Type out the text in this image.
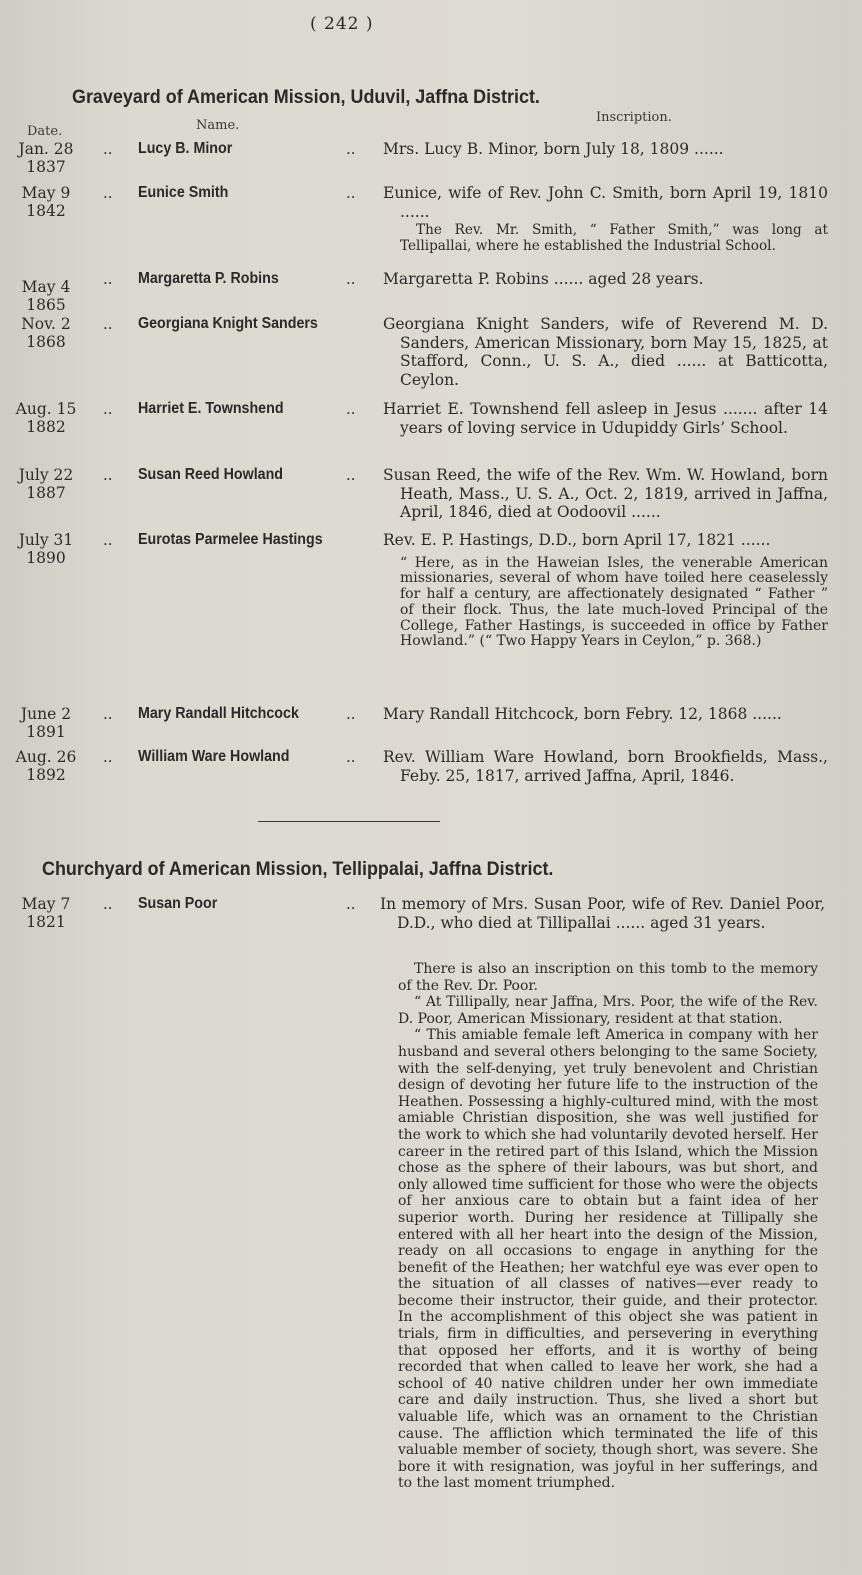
( 242 )
Graveyard of American Mission, Uduvil, Jaffna District.
Date.	Name.
Inscription.
Jan. 28
1837
.. Lucy B. Minor	.. Mrs. Lucy B. Minor, born July 18, 1809 ......
May 9
1842
.. Eunice Smith	.. Eunice, wife of Rev. John C. Smith, born April 19, 1810 ......
The Rev. Mr. Smith, “ Father Smith,” was long at Tellipallai, where he established the Industrial School.
May 4
1865
.. Margaretta P. Robins	.. Margaretta P. Robins ...... aged 28 years.
Nov. 2
1868
.. Georgiana Knight Sanders	Georgiana Knight Sanders, wife of Reverend M. D. Sanders, American Missionary, born May 15, 1825, at Stafford, Conn., U. S. A., died ...... at Batticotta, Ceylon.
Aug. 15
1882
.. Harriet E. Townshend	.. Harriet E. Townshend fell asleep in Jesus ....... after 14 years of loving service in Udupiddy Girls’ School.
July 22
1887
.. Susan Reed Howland	.. Susan Reed, the wife of the Rev. Wm. W. Howland, born Heath, Mass., U. S. A., Oct. 2, 1819, arrived in Jaffna, April, 1846, died at Oodoovil ......
July 31
1890
.. Eurotas Parmelee Hastings	Rev. E. P. Hastings, D.D., born April 17, 1821 ......
“ Here, as in the Haweian Isles, the venerable American missionaries, several of whom have toiled here ceaselessly for half a century, are affectionately designated “ Father ” of their flock. Thus, the late much-loved Principal of the College, Father Hastings, is succeeded in office by Father Howland.” (“ Two Happy Years in Ceylon,” p. 368.)
June 2
1891
.. Mary Randall Hitchcock	.. Mary Randall Hitchcock, born Febry. 12, 1868 ......
Aug. 26
1892
.. William Ware Howland	.. Rev. William Ware Howland, born Brookfields, Mass., Feby. 25, 1817, arrived Jaffna, April, 1846.
Churchyard of American Mission, Tellippalai, Jaffna District.
May 7
1821
.. Susan Poor	.. In memory of Mrs. Susan Poor, wife of Rev. Daniel Poor, D.D., who died at Tillipallai ...... aged 31 years.

There is also an inscription on this tomb to the memory of the Rev. Dr. Poor.

“ At Tillipally, near Jaffna, Mrs. Poor, the wife of the Rev. D. Poor, American Missionary, resident at that station.

“ This amiable female left America in company with her husband and several others belonging to the same Society, with the self-denying, yet truly benevolent and Christian design of devoting her future life to the instruction of the Heathen. Possessing a highly-cultured mind, with the most amiable Christian disposition, she was well justified for the work to which she had voluntarily devoted herself. Her career in the retired part of this Island, which the Mission chose as the sphere of their labours, was but short, and only allowed time sufficient for those who were the objects of her anxious care to obtain but a faint idea of her superior worth. During her residence at Tillipally she entered with all her heart into the design of the Mission, ready on all occasions to engage in anything for the benefit of the Heathen; her watchful eye was ever open to the situation of all classes of natives—ever ready to become their instructor, their guide, and their protector. In the accomplishment of this object she was patient in trials, firm in difficulties, and persevering in everything that opposed her efforts, and it is worthy of being recorded that when called to leave her work, she had a school of 40 native children under her own immediate care and daily instruction. Thus, she lived a short but valuable life, which was an ornament to the Christian cause. The affliction which terminated the life of this valuable member of society, though short, was severe. She bore it with resignation, was joyful in her sufferings, and to the last moment triumphed.
